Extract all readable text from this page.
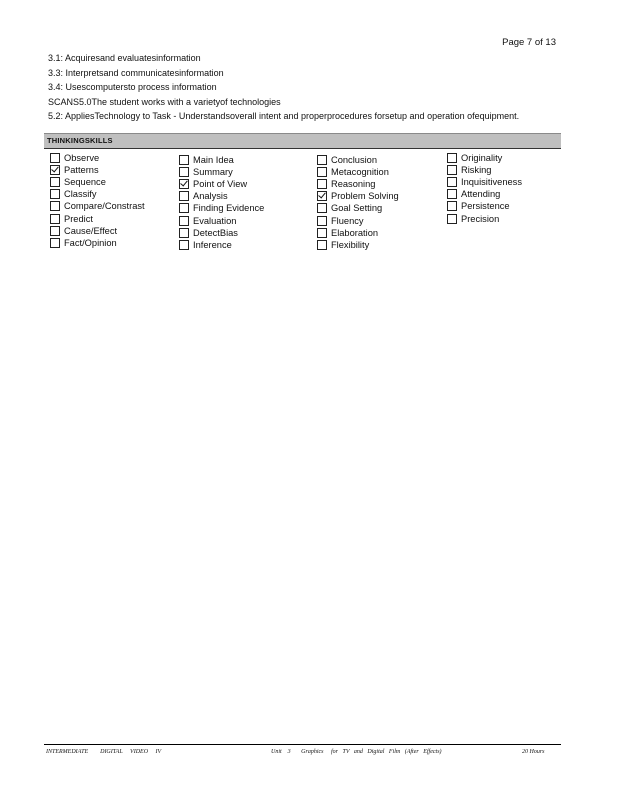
Page 7 of 13
3.1: Acquiresand evaluatesinformation
3.3: Interpretsand communicatesinformation
3.4: Usescomputersto process information
SCANS5.0The student works with a varietyof technologies
5.2: AppliesTechnology to Task - Understandsoverall intent and properprocedures forsetup and operation ofequipment.
THINKINGSKILLS
Observe
Patterns
Sequence
Classify
Compare/Constrast
Predict
Cause/Effect
Fact/Opinion
Main Idea
Summary
Point of View
Analysis
Finding Evidence
Evaluation
DetectBias
Inference
Conclusion
Metacognition
Reasoning
Problem Solving
Goal Setting
Fluency
Elaboration
Flexibility
Originality
Risking
Inquisitiveness
Attending
Persistence
Precision
INTERMEDIATE        DIGITAL     VIDEO     IV	Unit    3       Graphics     for   TV   and   Digital   Film   (After   Effects)	20 Hours
